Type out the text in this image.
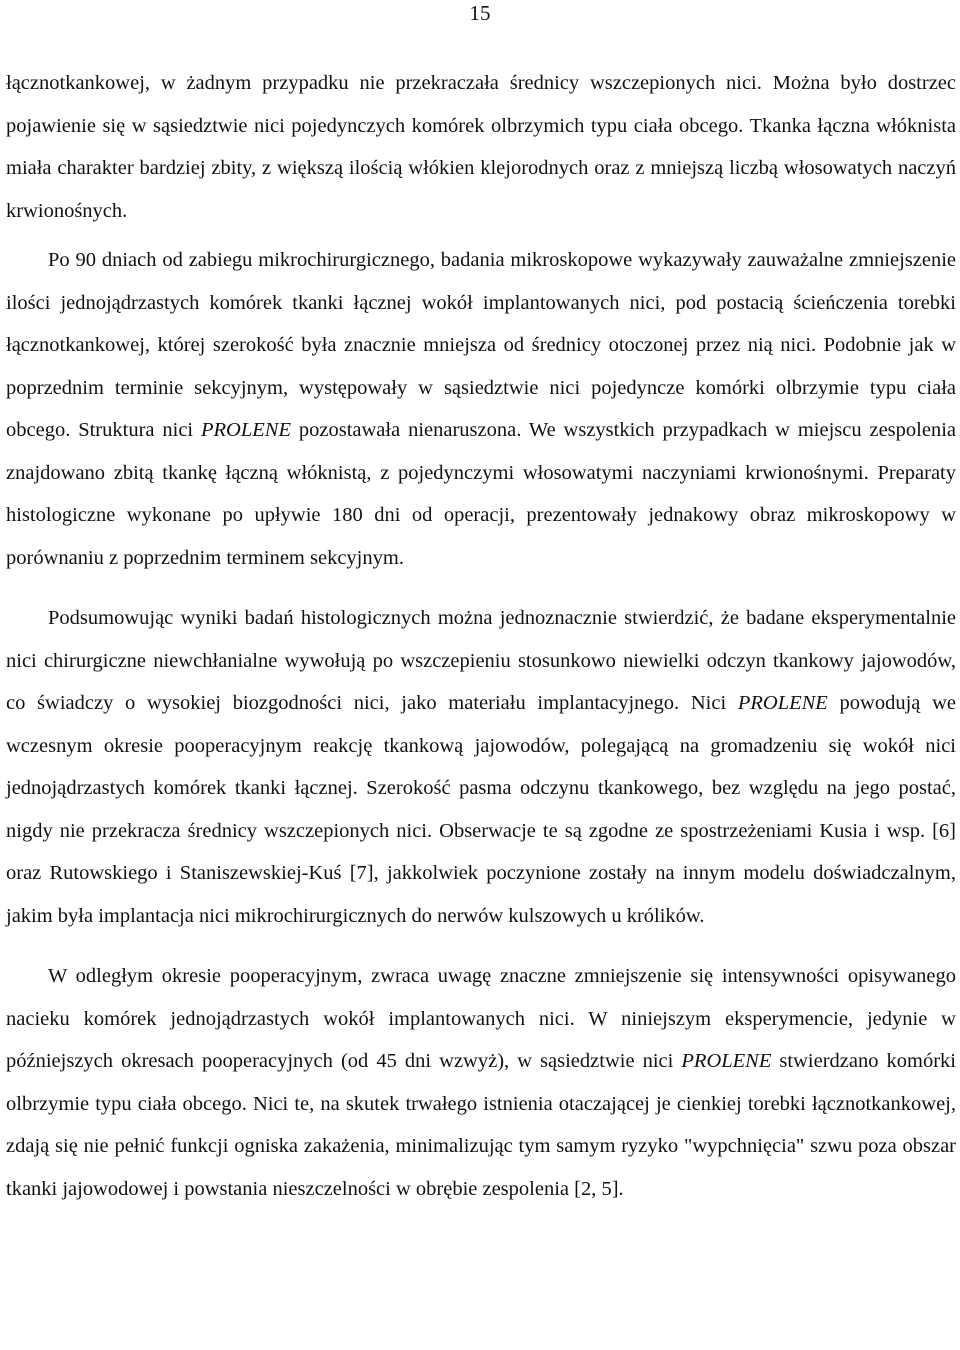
15

łącznotkankowej, w żadnym przypadku nie przekraczała średnicy wszczepionych nici. Można było dostrzec pojawienie się w sąsiedztwie nici pojedynczych komórek olbrzymich typu ciała obcego. Tkanka łączna włóknista miała charakter bardziej zbity, z większą ilością włókien klejorodnych oraz z mniejszą liczbą włosowatych naczyń krwionośnych.

Po 90 dniach od zabiegu mikrochirurgicznego, badania mikroskopowe wykazywały zauważalne zmniejszenie ilości jednojądrzastych komórek tkanki łącznej wokół implantowanych nici, pod postacią ścieńczenia torebki łącznotkankowej, której szerokość była znacznie mniejsza od średnicy otoczonej przez nią nici. Podobnie jak w poprzednim terminie sekcyjnym, występowały w sąsiedztwie nici pojedyncze komórki olbrzymie typu ciała obcego. Struktura nici PROLENE pozostawała nienaruszona. We wszystkich przypadkach w miejscu zespolenia znajdowano zbitą tkankę łączną włóknistą, z pojedynczymi włosowatymi naczyniami krwionośnymi. Preparaty histologiczne wykonane po upływie 180 dni od operacji, prezentowały jednakowy obraz mikroskopowy w porównaniu z poprzednim terminem sekcyjnym.

Podsumowując wyniki badań histologicznych można jednoznacznie stwierdzić, że badane eksperymentalnie nici chirurgiczne niewchłanialne wywołują po wszczepieniu stosunkowo niewielki odczyn tkankowy jajowodów, co świadczy o wysokiej biozgodności nici, jako materiału implantacyjnego. Nici PROLENE powodują we wczesnym okresie pooperacyjnym reakcję tkankową jajowodów, polegającą na gromadzeniu się wokół nici jednojądrzastych komórek tkanki łącznej. Szerokość pasma odczynu tkankowego, bez względu na jego postać, nigdy nie przekracza średnicy wszczepionych nici. Obserwacje te są zgodne ze spostrzeżeniami Kusia i wsp. [6] oraz Rutowskiego i Staniszewskiej-Kuś [7], jakkolwiek poczynione zostały na innym modelu doświadczalnym, jakim była implantacja nici mikrochirurgicznych do nerwów kulszowych u królików.

W odległym okresie pooperacyjnym, zwraca uwagę znaczne zmniejszenie się intensywności opisywanego nacieku komórek jednojądrzastych wokół implantowanych nici. W niniejszym eksperymencie, jedynie w późniejszych okresach pooperacyjnych (od 45 dni wzwyż), w sąsiedztwie nici PROLENE stwierdzano komórki olbrzymie typu ciała obcego. Nici te, na skutek trwałego istnienia otaczającej je cienkiej torebki łącznotkankowej, zdają się nie pełnić funkcji ogniska zakażenia, minimalizując tym samym ryzyko "wypchnięcia" szwu poza obszar tkanki jajowodowej i powstania nieszczelności w obrębie zespolenia [2, 5].
